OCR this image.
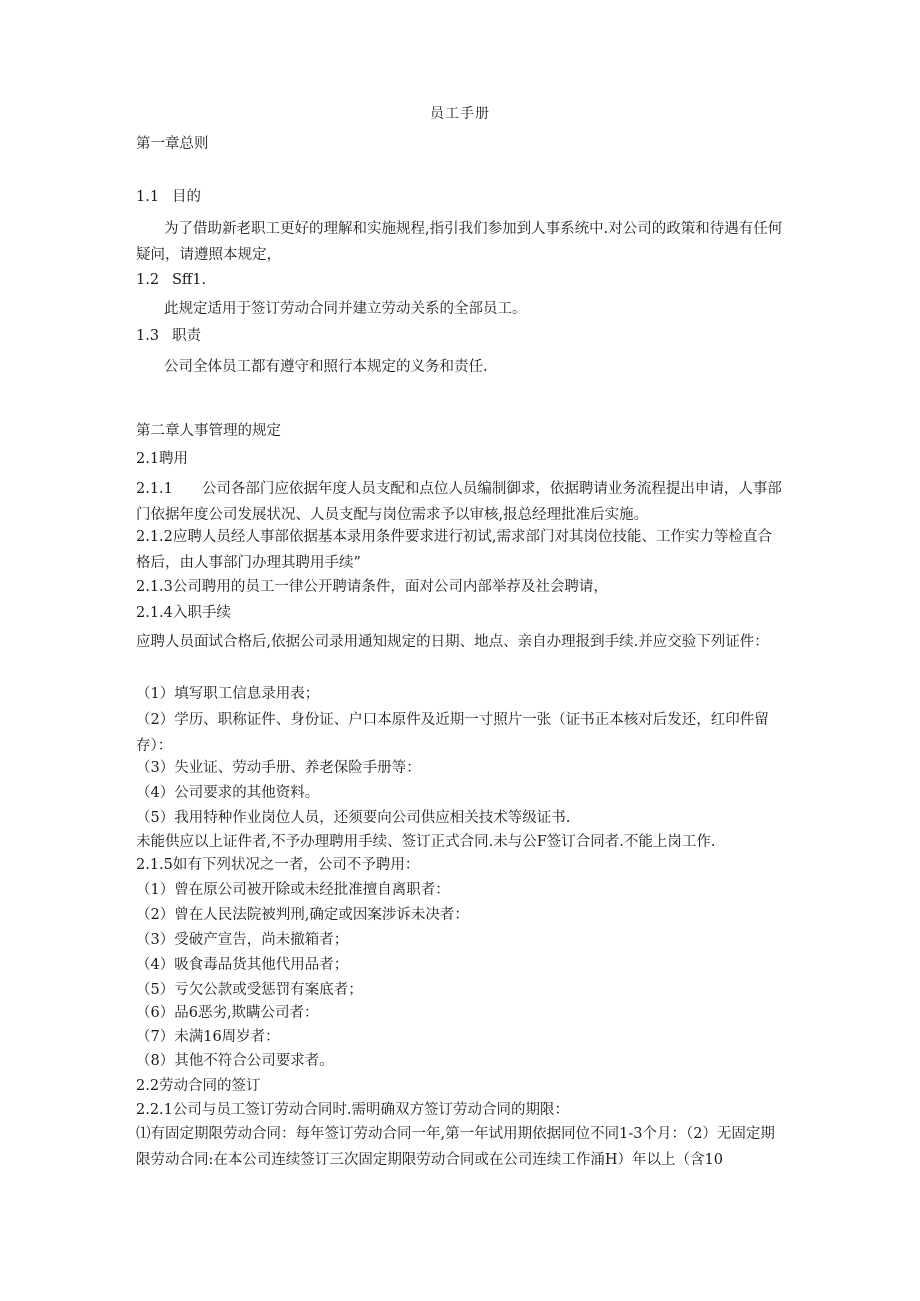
员工手册
第一章总则
1.1 目的
为了借助新老职工更好的理解和实施规程,指引我们参加到人事系统中.对公司的政策和待遇有任何疑问，请遵照本规定，
1.2 Sff1.
此规定适用于签订劳动合同并建立劳动关系的全部员工。
1.3 职责
公司全体员工都有遵守和照行本规定的义务和责任.
第二章人事管理的规定
2.1聘用
2.1.1　　公司各部门应依据年度人员支配和点位人员编制御求，依据聘请业务流程提出申请，人事部门依据年度公司发展状况、人员支配与岗位需求予以审核,报总经理批准后实施。
2.1.2应聘人员经人事部依据基本录用条件要求进行初试,需求部门对其岗位技能、工作实力等检直合格后，由人事部门办理其聘用手续”
2.1.3公司聘用的员工一律公开聘请条件，面对公司内部举荐及社会聘请，
2.1.4入职手续
应聘人员面试合格后,依据公司录用通知规定的日期、地点、亲自办理报到手续.并应交验下列证件：
（1）填写职工信息录用表；
（2）学历、职称证件、身份证、户口本原件及近期一寸照片一张（证书正本核对后发还，红印件留存）：
（3）失业证、劳动手册、养老保险手册等：
（4）公司要求的其他资料。
（5）我用特种作业岗位人员，还须要向公司供应相关技术等级证书.
未能供应以上证件者,不予办理聘用手续、签订正式合同.未与公F签订合同者.不能上岗工作.
2.1.5如有下列状况之一者，公司不予聘用：
（1）曾在原公司被开除或未经批准擅自离职者：
（2）曾在人民法院被判刑,确定或因案涉诉未决者：
（3）受破产宣告，尚未撤箱者；
（4）吸食毒品货其他代用品者；
（5）亏欠公款或受惩罚有案底者；
（6）品6恶劣,欺瞒公司者：
（7）未满16周岁者：
（8）其他不符合公司要求者。
2.2劳动合同的签订
2.2.1公司与员工签订劳动合同时.需明确双方签订劳动合同的期限：
⑴有固定期限劳动合同：每年签订劳动合同一年,第一年试用期依据同位不同1-3个月：（2）无固定期限劳动合同:在本公司连续签订三次固定期限劳动合同或在公司连续工作涌H）年以上（含10
